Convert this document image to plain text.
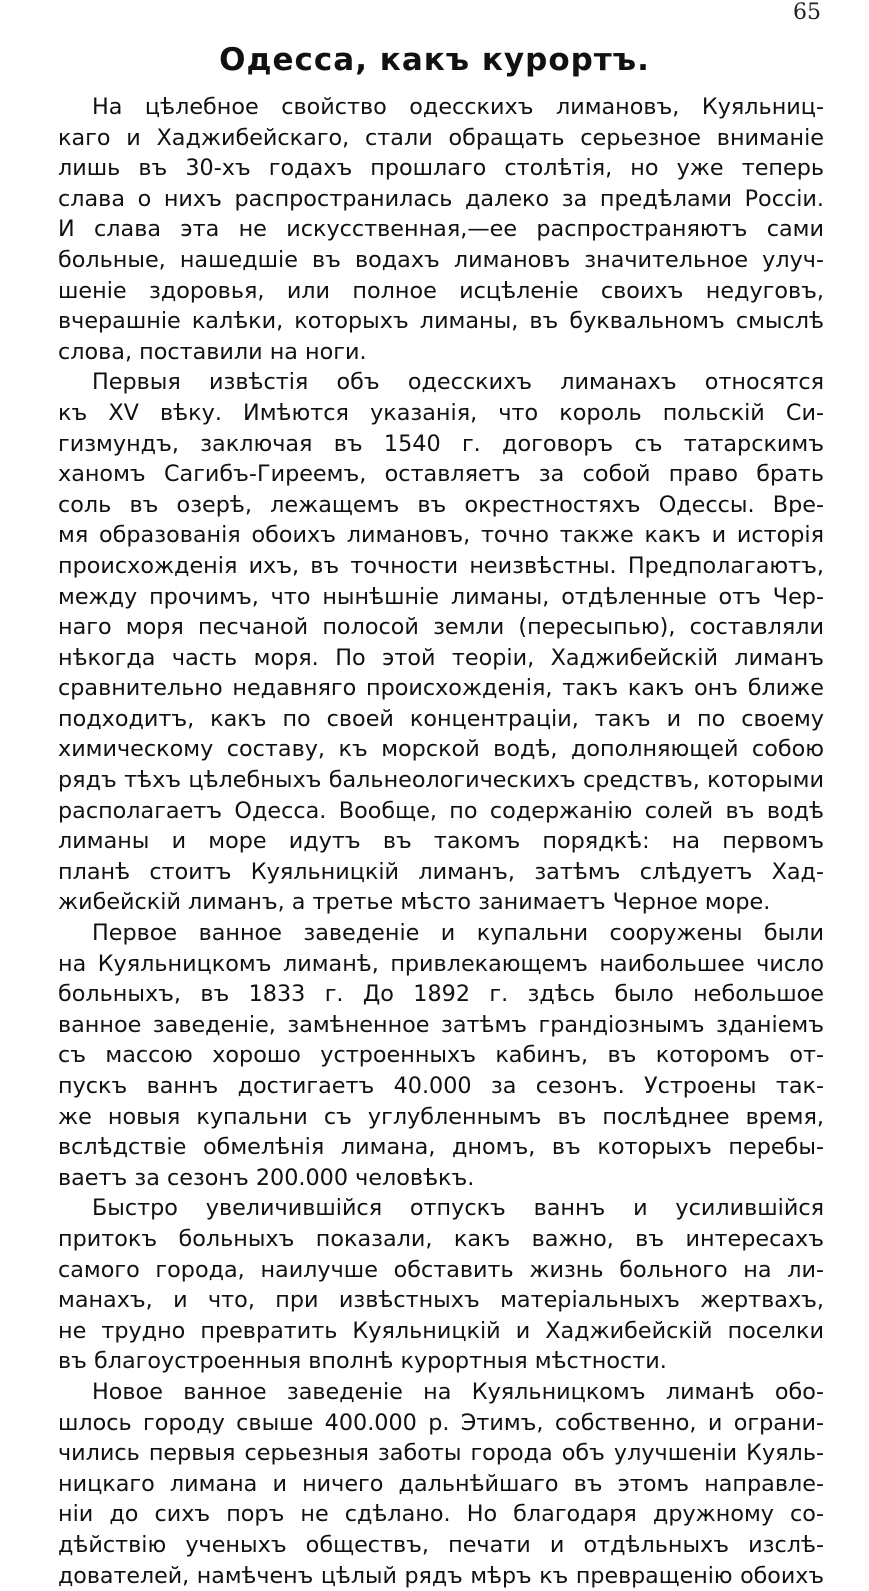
65
Одесса, какъ курортъ.
На цѣлебное свойство одесскихъ лимановъ, Куяльниц-
каго и Хаджибейскаго, стали обращать серьезное вниманіе
лишь въ 30-хъ годахъ прошлаго столѣтія, но уже теперь
слава о нихъ распространилась далеко за предѣлами Россіи.
И слава эта не искусственная,—ее распространяютъ сами
больные, нашедшіе въ водахъ лимановъ значительное улуч-
шеніе здоровья, или полное исцѣленіе своихъ недуговъ,
вчерашніе калѣки, которыхъ лиманы, въ буквальномъ смыслѣ
слова, поставили на ноги.
Первыя извѣстія объ одесскихъ лиманахъ относятся
къ XV вѣку. Имѣются указанія, что король польскій Си-
гизмундъ, заключая въ 1540 г. договоръ съ татарскимъ
ханомъ Сагибъ-Гиреемъ, оставляетъ за собой право брать
соль въ озерѣ, лежащемъ въ окрестностяхъ Одессы. Вре-
мя образованія обоихъ лимановъ, точно также какъ и исторія
происхожденія ихъ, въ точности неизвѣстны. Предполагаютъ,
между прочимъ, что нынѣшніе лиманы, отдѣленные отъ Чер-
наго моря песчаной полосой земли (пересыпью), составляли
нѣкогда часть моря. По этой теоріи, Хаджибейскій лиманъ
сравнительно недавняго происхожденія, такъ какъ онъ ближе
подходитъ, какъ по своей концентраціи, такъ и по своему
химическому составу, къ морской водѣ, дополняющей собою
рядъ тѣхъ цѣлебныхъ бальнеологическихъ средствъ, которыми
располагаетъ Одесса. Вообще, по содержанію солей въ водѣ
лиманы и море идутъ въ такомъ порядкѣ: на первомъ
планѣ стоитъ Куяльницкій лиманъ, затѣмъ слѣдуетъ Хад-
жибейскій лиманъ, а третье мѣсто занимаетъ Черное море.
Первое ванное заведеніе и купальни сооружены были
на Куяльницкомъ лиманѣ, привлекающемъ наибольшее число
больныхъ, въ 1833 г. До 1892 г. здѣсь было небольшое
ванное заведеніе, замѣненное затѣмъ грандіознымъ зданіемъ
съ массою хорошо устроенныхъ кабинъ, въ которомъ от-
пускъ ваннъ достигаетъ 40.000 за сезонъ. Устроены так-
же новыя купальни съ углубленнымъ въ послѣднее время,
вслѣдствіе обмелѣнія лимана, дномъ, въ которыхъ перебы-
ваетъ за сезонъ 200.000 человѣкъ.
Быстро увеличившійся отпускъ ваннъ и усилившійся
притокъ больныхъ показали, какъ важно, въ интересахъ
самого города, наилучше обставить жизнь больного на ли-
манахъ, и что, при извѣстныхъ матеріальныхъ жертвахъ,
не трудно превратить Куяльницкій и Хаджибейскій поселки
въ благоустроенныя вполнѣ курортныя мѣстности.
Новое ванное заведеніе на Куяльницкомъ лиманѣ обо-
шлось городу свыше 400.000 р. Этимъ, собственно, и ограни-
чились первыя серьезныя заботы города объ улучшеніи Куяль-
ницкаго лимана и ничего дальнѣйшаго въ этомъ направле-
ніи до сихъ поръ не сдѣлано. Но благодаря дружному со-
дѣйствію ученыхъ обществъ, печати и отдѣльныхъ изслѣ-
дователей, намѣченъ цѣлый рядъ мѣръ къ превращенію обоихъ
